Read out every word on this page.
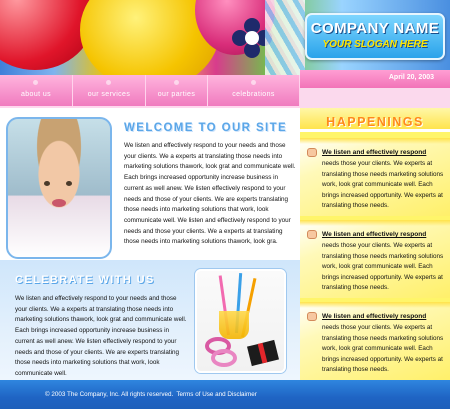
COMPANY NAME
YOUR SLOGAN HERE
about us	our services	our parties	celebrations
April 20, 2003
WELCOME TO OUR SITE
We listen and effectively respond to your needs and those your clients. We a experts at translating those needs into marketing solutions thawork, look grat and communicate well. Each brings increased opportunity increase business in current as well anew. We listen effectively respond to your needs and those of your clients. We are experts translating those needs into marketing solutions that work, look communicate well. We listen and effectively respond to your needs and those your clients. We a experts at translating those needs into marketing solutions thawork, look gra.
CELEBRATE WITH US
We listen and effectively respond to your needs and those your clients. We a experts at translating those needs into marketing solutions thawork, look grat and communicate well. Each brings increased opportunity increase business in current as well anew. We listen effectively respond to your needs and those of your clients. We are experts translating those needs into marketing solutions that work, look communicate well.
HAPPENINGS
We listen and effectively respond
needs those your clients. We experts at translating those needs marketing solutions work, look grat communicate well. Each brings increased opportunity. We experts at translating those needs.
We listen and effectively respond
needs those your clients. We experts at translating those needs marketing solutions work, look grat communicate well. Each brings increased opportunity. We experts at translating those needs.
We listen and effectively respond
needs those your clients. We experts at translating those needs marketing solutions work, look grat communicate well. Each brings increased opportunity. We experts at translating those needs.
© 2003 The Company, Inc. All rights reserved. Terms of Use and Disclaimer
